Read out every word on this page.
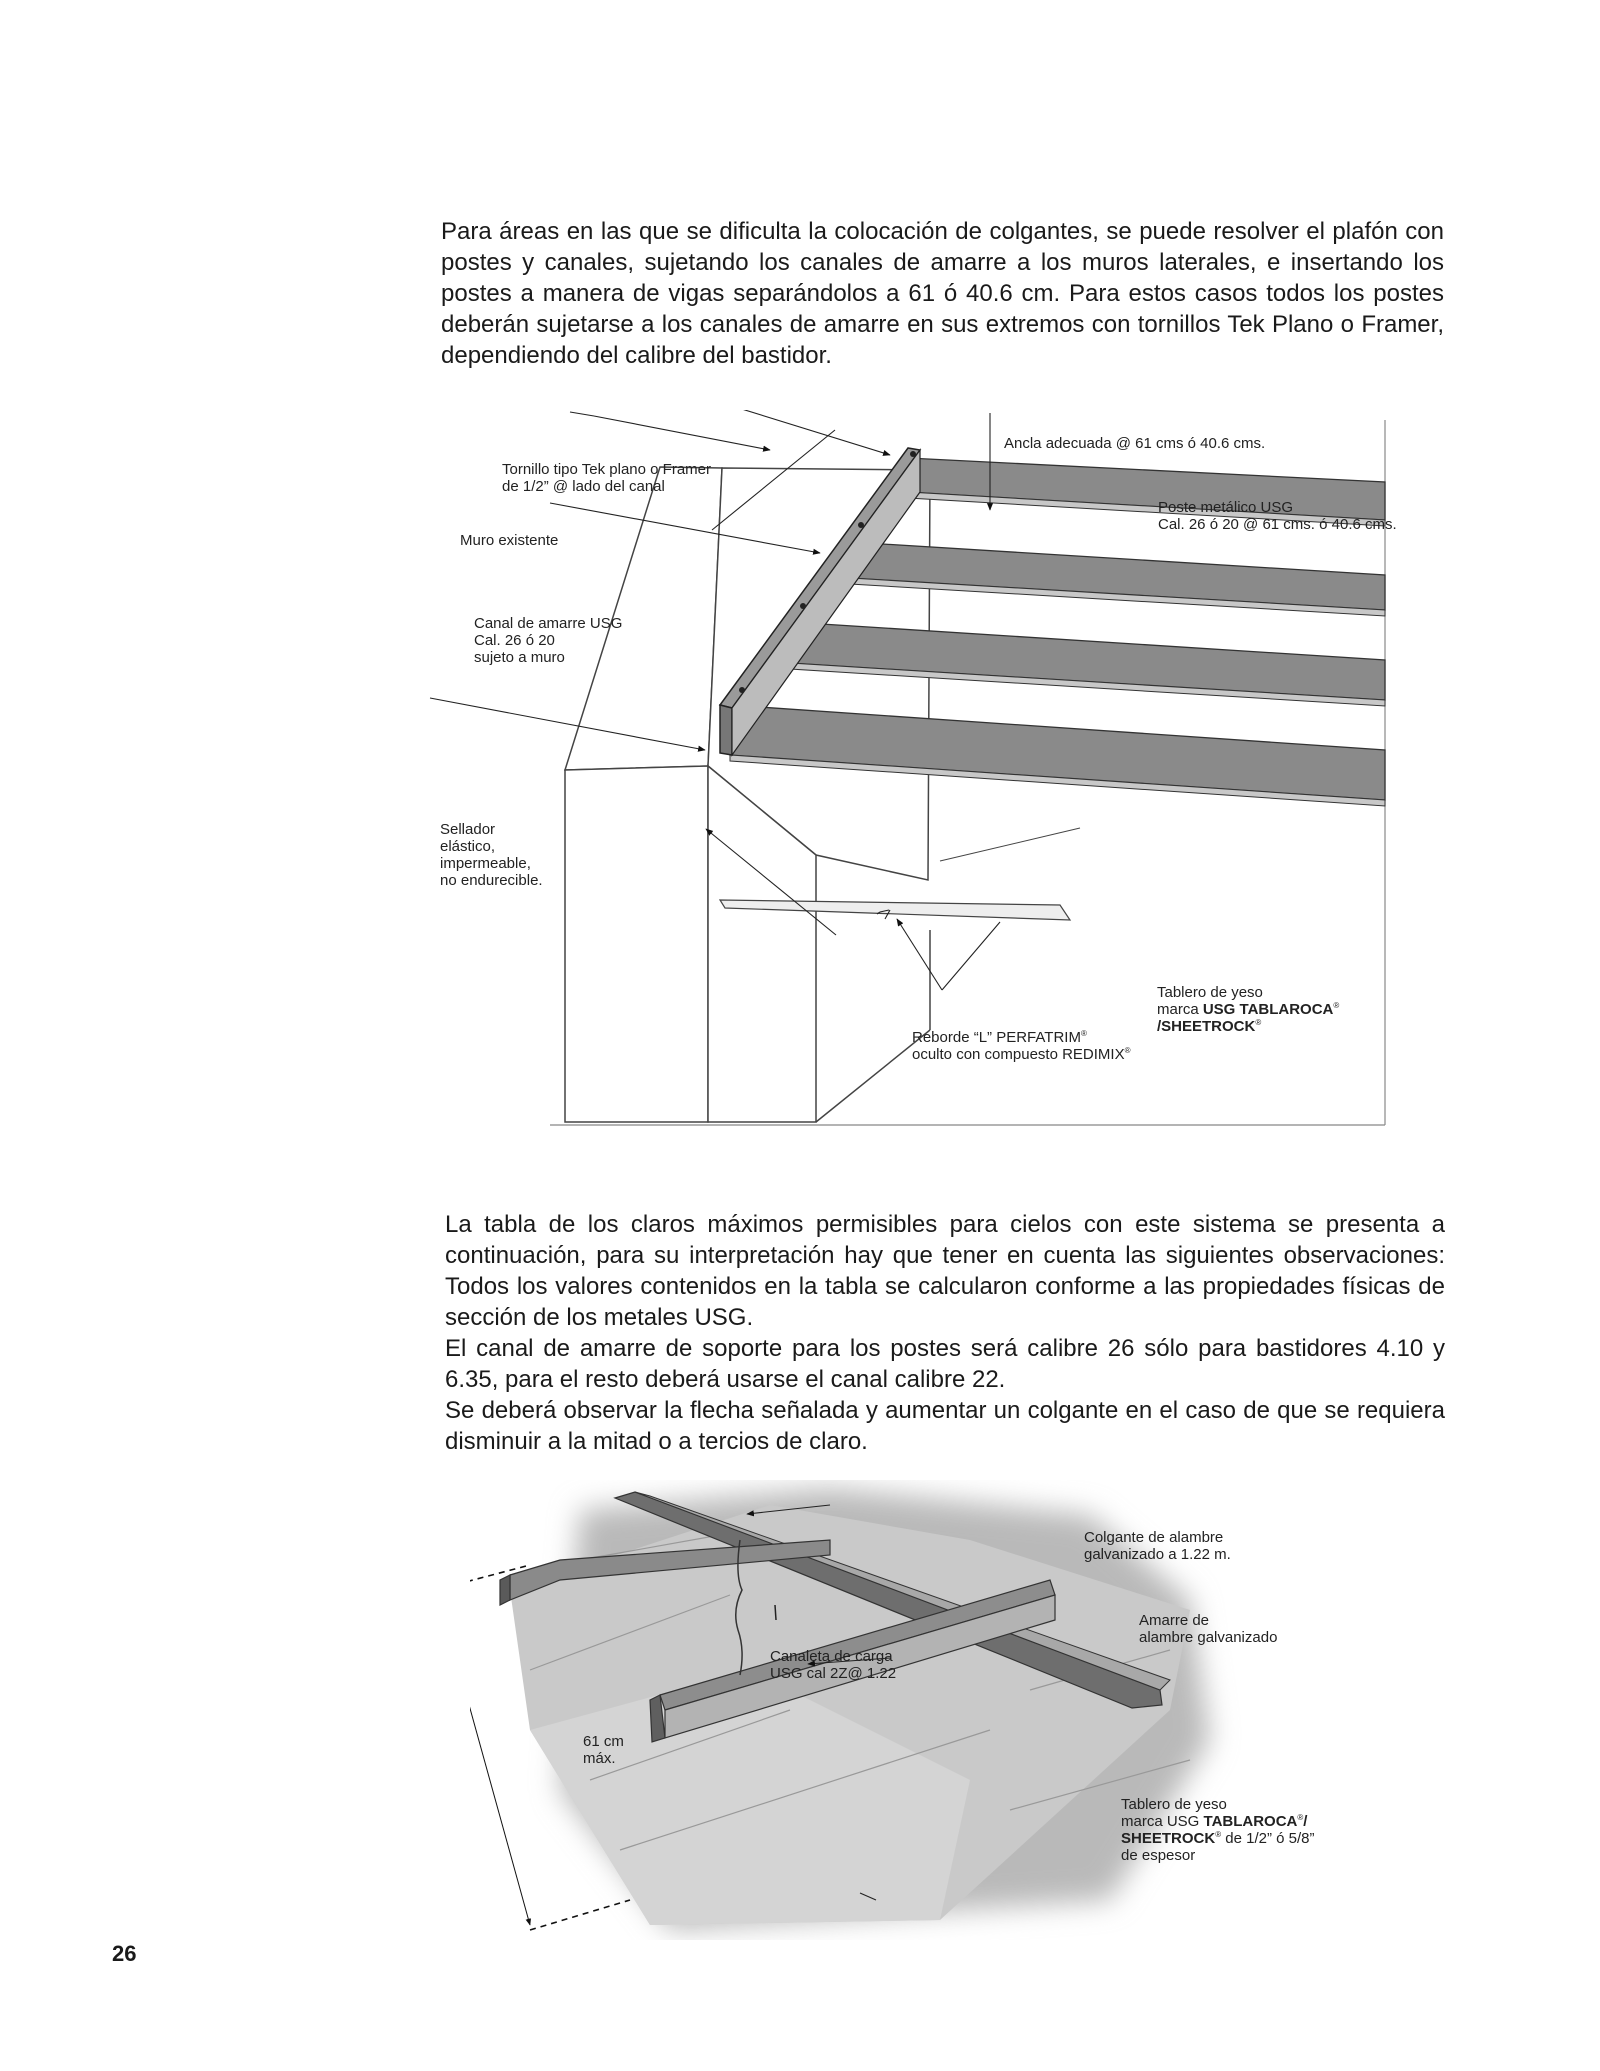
Para áreas en las que se dificulta la colocación de colgantes, se puede resolver el plafón con postes y canales, sujetando los canales de amarre a los muros laterales, e insertando los postes a manera de vigas separándolos a 61 ó 40.6 cm. Para estos casos todos los postes deberán sujetarse a los canales de amarre en sus extremos con tornillos Tek Plano o Framer, dependiendo del calibre del bastidor.

Ancla adecuada @ 61 cms ó 40.6 cms.
Tornillo tipo Tek plano o Framer
de 1/2” @ lado del canal
Poste metálico USG
Cal. 26 ó 20 @ 61 cms. ó 40.6 cms.
Muro existente
Canal de amarre USG
Cal. 26 ó 20
sujeto a muro
Sellador
elástico,
impermeable,
no endurecible.
Tablero de yeso
marca USG TABLAROCA®
/SHEETROCK®
Reborde “L” PERFATRIM®
oculto con compuesto REDIMIX®

La tabla de los claros máximos permisibles para cielos con este sistema se presenta a continuación, para su interpretación hay que tener en cuenta las siguientes observaciones: Todos los valores contenidos en la tabla se calcularon conforme a las propiedades físicas de sección de los metales USG.

El canal de amarre de soporte para los postes será calibre 26 sólo para bastidores 4.10 y 6.35, para el resto deberá usarse el canal calibre 22.

Se deberá observar la flecha señalada y aumentar un colgante en el caso de que se requiera disminuir a la mitad o a tercios de claro.

Colgante de alambre
galvanizado a 1.22 m.
Amarre de
alambre galvanizado
Canaleta de carga
USG cal 2Z@ 1.22
61 cm
máx.
Tablero de yeso
marca USG TABLAROCA®/
SHEETROCK® de 1/2” ó 5/8”
de espesor
26
